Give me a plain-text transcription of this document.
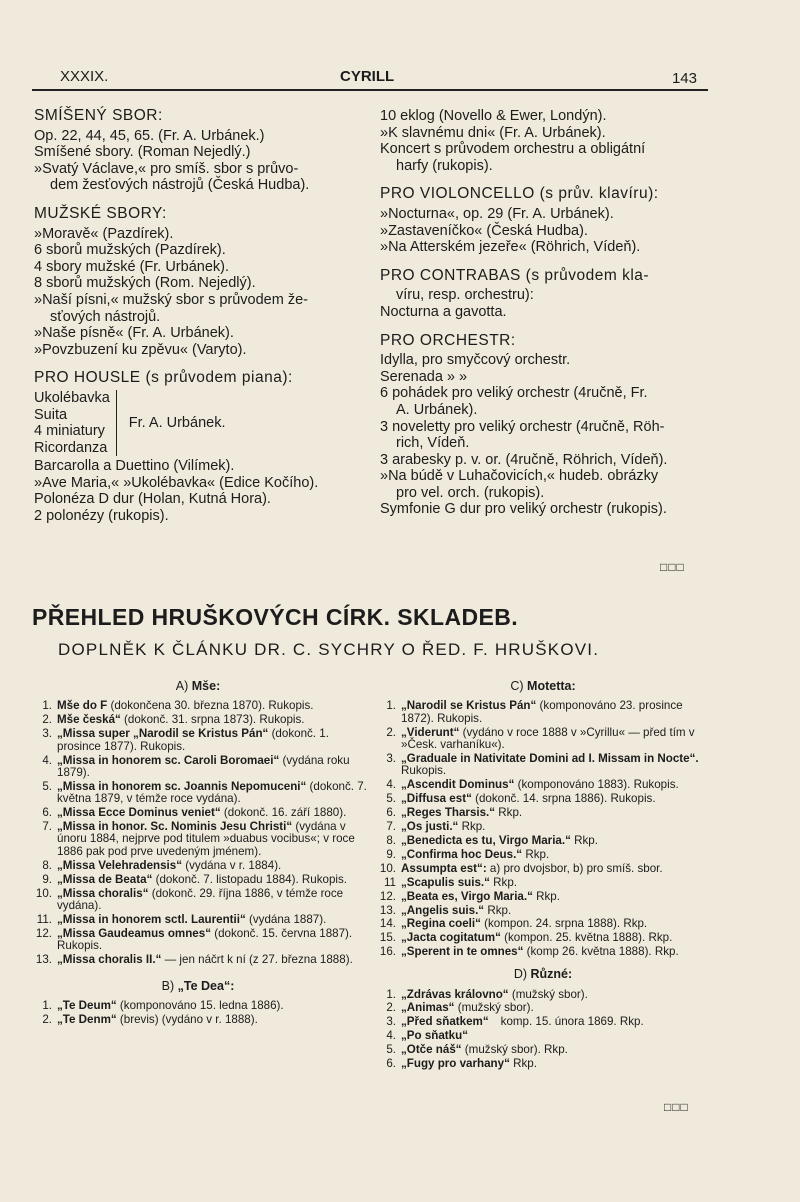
XXXIX.	CYRILL	143

SMÍŠENÝ SBOR:

Op. 22, 44, 45, 65. (Fr. A. Urbánek.)

Smíšené sbory. (Roman Nejedlý.)

»Svatý Václave,« pro smíš. sbor s průvo-

dem žesťových nástrojů (Česká Hudba).

MUŽSKÉ SBORY:

»Moravě« (Pazdírek).

6 sborů mužských (Pazdírek).

4 sbory mužské (Fr. Urbánek).

8 sborů mužských (Rom. Nejedlý).

»Naší písni,« mužský sbor s průvodem že-

sťových nástrojů.

»Naše písně« (Fr. A. Urbánek).

»Povzbuzení ku zpěvu« (Varyto).

PRO HOUSLE (s průvodem piana):

Ukolébavka

Suita

4 miniatury

Ricordanza

Fr. A. Urbánek.

Barcarolla a Duettino (Vilímek).

»Ave Maria,« »Ukolébavka« (Edice Kočího).

Polonéza D dur (Holan, Kutná Hora).

2 polonézy (rukopis).

10 eklog (Novello & Ewer, Londýn).

»K slavnému dni« (Fr. A. Urbánek).

Koncert s průvodem orchestru a obligátní

harfy (rukopis).

PRO VIOLONCELLO (s prův. klavíru):

»Nocturna«, op. 29 (Fr. A. Urbánek).

»Zastaveníčko« (Česká Hudba).

»Na Atterském jezeře« (Röhrich, Vídeň).

PRO CONTRABAS (s průvodem kla-

víru, resp. orchestru):

Nocturna a gavotta.

PRO ORCHESTR:

Idylla, pro smyčcový orchestr.

Serenada » »

6 pohádek pro veliký orchestr (4ručně, Fr.

A. Urbánek).

3 noveletty pro veliký orchestr (4ručně, Röh-

rich, Vídeň.

3 arabesky p. v. or. (4ručně, Röhrich, Vídeň).

»Na búdě v Luhačovicích,« hudeb. obrázky

pro vel. orch. (rukopis).

Symfonie G dur pro veliký orchestr (rukopis).

□□□
PŘEHLED HRUŠKOVÝCH CÍRK. SKLADEB.
DOPLNĚK K ČLÁNKU DR. C. SYCHRY O ŘED. F. HRUŠKOVI.

A) Mše:

1. Mše do F (dokončena 30. března 1870). Rukopis.
2. Mše česká“ (dokonč. 31. srpna 1873). Rukopis.
3. „Missa super „Narodil se Kristus Pán“ (dokonč. 1. prosince 1877). Rukopis.
4. „Missa in honorem sc. Caroli Boromaei“ (vydána roku 1879).
5. „Missa in honorem sc. Joannis Nepomuceni“ (dokonč. 7. května 1879, v témže roce vydána).
6. „Missa Ecce Dominus veniet“ (dokonč. 16. září 1880).
7. „Missa in honor. Sc. Nominis Jesu Christi“ (vydána v únoru 1884, nejprve pod titulem »duabus vocibus«; v roce 1886 pak pod prve uvedeným jménem).
8. „Missa Velehradensis“ (vydána v r. 1884).
9. „Missa de Beata“ (dokonč. 7. listopadu 1884). Rukopis.
10. „Missa choralis“ (dokonč. 29. října 1886, v témže roce vydána).
11. „Missa in honorem sctl. Laurentii“ (vydána 1887).
12. „Missa Gaudeamus omnes“ (dokonč. 15. června 1887). Rukopis.
13. „Missa choralis II.“ — jen náčrt k ní (z 27. března 1888).

B) „Te Dea“:

1. „Te Deum“ (komponováno 15. ledna 1886).
2. „Te Denm“ (brevis) (vydáno v r. 1888).

C) Motetta:

1. „Narodil se Kristus Pán“ (komponováno 23. prosince 1872). Rukopis.
2. „Viderunt“ (vydáno v roce 1888 v »Cyrillu« — před tím v »Česk. varhaníku«).
3. „Graduale in Nativitate Domini ad I. Missam in Nocte“. Rukopis.
4. „Ascendit Dominus“ (komponováno 1883). Rukopis.
5. „Diffusa est“ (dokonč. 14. srpna 1886). Rukopis.
6. „Reges Tharsis.“ Rkp.
7. „Os justi.“ Rkp.
8. „Benedicta es tu, Virgo Maria.“ Rkp.
9. „Confirma hoc Deus.“ Rkp.
10. Assumpta est“: a) pro dvojsbor, b) pro smíš. sbor.
11 „Scapulis suis.“ Rkp.
12. „Beata es, Virgo Maria.“ Rkp.
13. „Angelis suis.“ Rkp.
14. „Regina coeli“ (kompon. 24. srpna 1888). Rkp.
15. „Jacta cogitatum“ (kompon. 25. května 1888). Rkp.
16. „Sperent in te omnes“ (komp 26. května 1888). Rkp.

D) Různé:

1. „Zdrávas královno“ (mužský sbor).
2. „Animas“ (mužský sbor).
3. „Před sňatkem“ komp. 15. února 1869. Rkp.
4. „Po sňatku“
5. „Otče náš“ (mužský sbor). Rkp.
6. „Fugy pro varhany“ Rkp.
□□□
